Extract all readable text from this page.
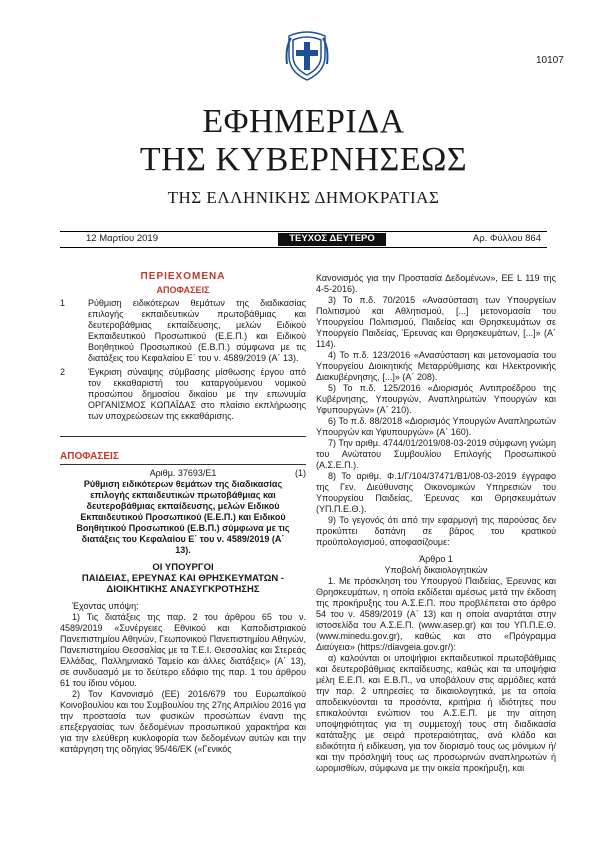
10107
ΕΦΗΜΕΡΙΔΑ
ΤΗΣ ΚΥΒΕΡΝΗΣΕΩΣ
ΤΗΣ ΕΛΛΗΝΙΚΗΣ ΔΗΜΟΚΡΑΤΙΑΣ
12 Μαρτίου 2019	ΤΕΥΧΟΣ ΔΕΥΤΕΡΟ	Αρ. Φύλλου 864
ΠΕΡΙΕΧΟΜΕΝΑ
ΑΠΟΦΑΣΕΙΣ
1	Ρύθμιση ειδικότερων θεμάτων της διαδικασίας επιλογής εκπαιδευτικών πρωτοβάθμιας και δευτεροβάθμιας εκπαίδευσης, μελών Ειδικού Εκπαιδευτικού Προσωπικού (Ε.Ε.Π.) και Ειδικού Βοηθητικού Προσωπικού (Ε.Β.Π.) σύμφωνα με τις διατάξεις του Κεφαλαίου Ε΄ του ν. 4589/2019 (Α΄ 13).
2	Έγκριση σύναψης σύμβασης μίσθωσης έργου από τον εκκαθαριστή του καταργούμενου νομικού προσώπου δημοσίου δικαίου με την επωνυμία ΟΡΓΑΝΙΣΜΟΣ ΚΩΠΑΪΔΑΣ στο πλαίσιο εκπλήρωσης των υποχρεώσεων της εκκαθάρισης.
ΑΠΟΦΑΣΕΙΣ
Αριθμ. 37693/Ε1	(1)

Ρύθμιση ειδικότερων θεμάτων της διαδικασίας επιλογής εκπαιδευτικών πρωτοβάθμιας και δευτεροβάθμιας εκπαίδευσης, μελών Ειδικού Εκπαιδευτικού Προσωπικού (Ε.Ε.Π.) και Ειδικού Βοηθητικού Προσωπικού (Ε.Β.Π.) σύμφωνα με τις διατάξεις του Κεφαλαίου Ε΄ του ν. 4589/2019 (Α΄ 13).

ΟΙ ΥΠΟΥΡΓΟΙ
ΠΑΙΔΕΙΑΣ, ΕΡΕΥΝΑΣ ΚΑΙ ΘΡΗΣΚΕΥΜΑΤΩΝ -
ΔΙΟΙΚΗΤΙΚΗΣ ΑΝΑΣΥΓΚΡΟΤΗΣΗΣ

Έχοντας υπόψη:

1) Τις διατάξεις της παρ. 2 του άρθρου 65 του ν. 4589/2019 «Συνέργειες Εθνικού και Καποδιστριακού Πανεπιστημίου Αθηνών, Γεωπονικού Πανεπιστημίου Αθηνών, Πανεπιστημίου Θεσσαλίας με τα Τ.Ε.Ι. Θεσσαλίας και Στερεάς Ελλάδας, Παλλημνιακό Ταμείο και άλλες διατάξεις» (Α΄ 13), σε συνδυασμό με το δεύτερο εδάφιο της παρ. 1 του άρθρου 61 του ίδιου νόμου.

2) Τον Κανονισμό (ΕΕ) 2016/679 του Ευρωπαϊκού Κοινοβουλίου και του Συμβουλίου της 27ης Απριλίου 2016 για την προστασία των φυσικών προσώπων έναντι της επεξεργασίας των δεδομένων προσωπικού χαρακτήρα και για την ελεύθερη κυκλοφορία των δεδομένων αυτών και την κατάργηση της οδηγίας 95/46/ΕΚ («Γενικός

Κανονισμός για την Προστασία Δεδομένων», ΕΕ L 119 της 4-5-2016).

3) Το π.δ. 70/2015 «Ανασύσταση των Υπουργείων Πολιτισμού και Αθλητισμού, [...] μετονομασία του Υπουργείου Πολιτισμού, Παιδείας και Θρησκευμάτων σε Υπουργείο Παιδείας, Έρευνας και Θρησκευμάτων, [...]» (Α΄ 114).

4) Το π.δ. 123/2016 «Ανασύσταση και μετονομασία του Υπουργείου Διοικητικής Μεταρρύθμισης και Ηλεκτρονικής Διακυβέρνησης, [...]» (Α΄ 208).

5) Το π.δ. 125/2016 «Διορισμός Αντιπροέδρου της Κυβέρνησης, Υπουργών, Αναπληρωτών Υπουργών και Υφυπουργών» (Α΄ 210).

6) Το π.δ. 88/2018 «Διορισμός Υπουργών Αναπληρωτών Υπουργών και Υφυπουργών» (Α΄ 160).

7) Την αριθμ. 4744/01/2019/08-03-2019 σύμφωνη γνώμη του Ανώτατου Συμβουλίου Επιλογής Προσωπικού (Α.Σ.Ε.Π.).

8) Το αριθμ. Φ.1/Γ/104/37471/Β1/08-03-2019 έγγραφο της Γεν. Διεύθυνσης Οικονομικών Υπηρεσιών του Υπουργείου Παιδείας, Έρευνας και Θρησκευμάτων (ΥΠ.Π.Ε.Θ.).

9) Το γεγονός ότι από την εφαρμογή της παρούσας δεν προκύπτει δαπάνη σε βάρος του κρατικού προϋπολογισμού, αποφασίζουμε:

Άρθρο 1
Υποβολή δικαιολογητικών

1. Με πρόσκληση του Υπουργού Παιδείας, Έρευνας και Θρησκευμάτων, η οποία εκδίδεται αμέσως μετά την έκδοση της προκήρυξης του Α.Σ.Ε.Π. που προβλέπεται στο άρθρο 54 του ν. 4589/2019 (Α΄ 13) και η οποία αναρτάται στην ιστοσελίδα του Α.Σ.Ε.Π. (www.asep.gr) και του ΥΠ.Π.Ε.Θ. (www.minedu.gov.gr), καθώς και στο «Πρόγραμμα Διαύγεια» (https://diavgeia.gov.gr/):

α) καλούνται οι υποψήφιοι εκπαιδευτικοί πρωτοβάθμιας και δευτεροβάθμιας εκπαίδευσης, καθώς και τα υποψήφια μέλη Ε.Ε.Π. και Ε.Β.Π., να υποβάλουν στις αρμόδιες κατά την παρ. 2 υπηρεσίες τα δικαιολογητικά, με τα οποία αποδεικνύονται τα προσόντα, κριτήρια ή ιδιότητες που επικαλούνται ενώπιον του Α.Σ.Ε.Π. με την αίτηση υποψηφιότητας για τη συμμετοχή τους στη διαδικασία κατάταξης με σειρά προτεραιότητας, ανά κλάδο και ειδικότητα ή ειδίκευση, για τον διορισμό τους ως μόνιμων ή/και την πρόσληψή τους ως προσωρινών αναπληρωτών ή ωρομισθίων, σύμφωνα με την οικεία προκήρυξη, και
